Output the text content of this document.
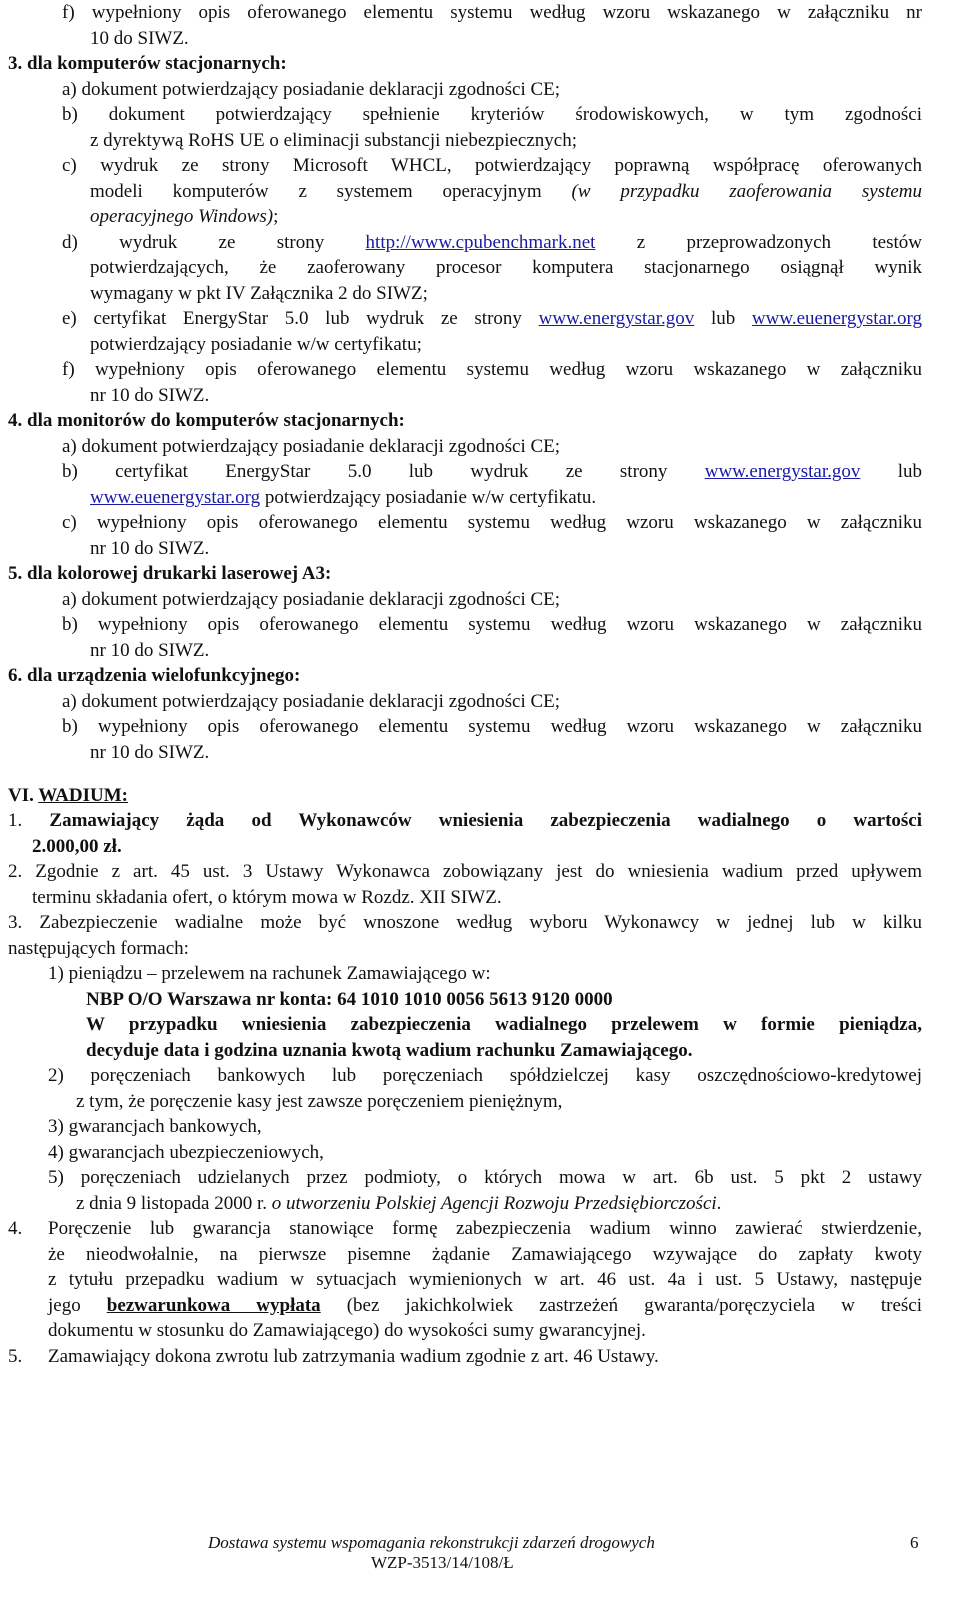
f) wypełniony opis oferowanego elementu systemu według wzoru wskazanego w załączniku nr
10 do SIWZ.
3. dla komputerów stacjonarnych:
a) dokument potwierdzający posiadanie deklaracji zgodności CE;
b) dokument potwierdzający spełnienie kryteriów środowiskowych, w tym zgodności
z dyrektywą RoHS UE o eliminacji substancji niebezpiecznych;
c) wydruk ze strony Microsoft WHCL, potwierdzający poprawną współpracę oferowanych
modeli komputerów z systemem operacyjnym (w przypadku zaoferowania systemu
operacyjnego Windows);
d) wydruk ze strony http://www.cpubenchmark.net z przeprowadzonych testów
potwierdzających, że zaoferowany procesor komputera stacjonarnego osiągnął wynik
wymagany w pkt IV Załącznika 2 do SIWZ;
e) certyfikat EnergyStar 5.0 lub wydruk ze strony www.energystar.gov lub www.euenergystar.org
potwierdzający posiadanie w/w certyfikatu;
f) wypełniony opis oferowanego elementu systemu według wzoru wskazanego w załączniku
nr 10 do SIWZ.
4. dla monitorów do komputerów stacjonarnych:
a) dokument potwierdzający posiadanie deklaracji zgodności CE;
b) certyfikat EnergyStar 5.0 lub wydruk ze strony www.energystar.gov lub
www.euenergystar.org potwierdzający posiadanie w/w certyfikatu.
c) wypełniony opis oferowanego elementu systemu według wzoru wskazanego w załączniku
nr 10 do SIWZ.
5. dla kolorowej drukarki laserowej A3:
a) dokument potwierdzający posiadanie deklaracji zgodności CE;
b) wypełniony opis oferowanego elementu systemu według wzoru wskazanego w załączniku
nr 10 do SIWZ.
6. dla urządzenia wielofunkcyjnego:
a) dokument potwierdzający posiadanie deklaracji zgodności CE;
b) wypełniony opis oferowanego elementu systemu według wzoru wskazanego w załączniku
nr 10 do SIWZ.
VI. WADIUM:
1. Zamawiający żąda od Wykonawców wniesienia zabezpieczenia wadialnego o wartości
2.000,00 zł.
2. Zgodnie z art. 45 ust. 3 Ustawy Wykonawca zobowiązany jest do wniesienia wadium przed upływem
terminu składania ofert, o którym mowa w Rozdz. XII SIWZ.
3. Zabezpieczenie wadialne może być wnoszone według wyboru Wykonawcy w jednej lub w kilku
następujących formach:
1) pieniądzu – przelewem na rachunek Zamawiającego w:
NBP O/O Warszawa nr konta: 64 1010 1010 0056 5613 9120 0000
W przypadku wniesienia zabezpieczenia wadialnego przelewem w formie pieniądza,
decyduje data i godzina uznania kwotą wadium rachunku Zamawiającego.
2) poręczeniach bankowych lub poręczeniach spółdzielczej kasy oszczędnościowo-kredytowej
z tym, że poręczenie kasy jest zawsze poręczeniem pieniężnym,
3) gwarancjach bankowych,
4) gwarancjach ubezpieczeniowych,
5) poręczeniach udzielanych przez podmioty, o których mowa w art. 6b ust. 5 pkt 2 ustawy
z dnia 9 listopada 2000 r. o utworzeniu Polskiej Agencji Rozwoju Przedsiębiorczości.
4. Poręczenie lub gwarancja stanowiące formę zabezpieczenia wadium winno zawierać stwierdzenie,
że nieodwołalnie, na pierwsze pisemne żądanie Zamawiającego wzywające do zapłaty kwoty
z tytułu przepadku wadium w sytuacjach wymienionych w art. 46 ust. 4a i ust. 5 Ustawy, następuje
jego bezwarunkowa wypłata (bez jakichkolwiek zastrzeżeń gwaranta/poręczyciela w treści
dokumentu w stosunku do Zamawiającego) do wysokości sumy gwarancyjnej.
5. Zamawiający dokona zwrotu lub zatrzymania wadium zgodnie z art. 46 Ustawy.
Dostawa systemu wspomagania rekonstrukcji zdarzeń drogowych	6
WZP-3513/14/108/Ł
